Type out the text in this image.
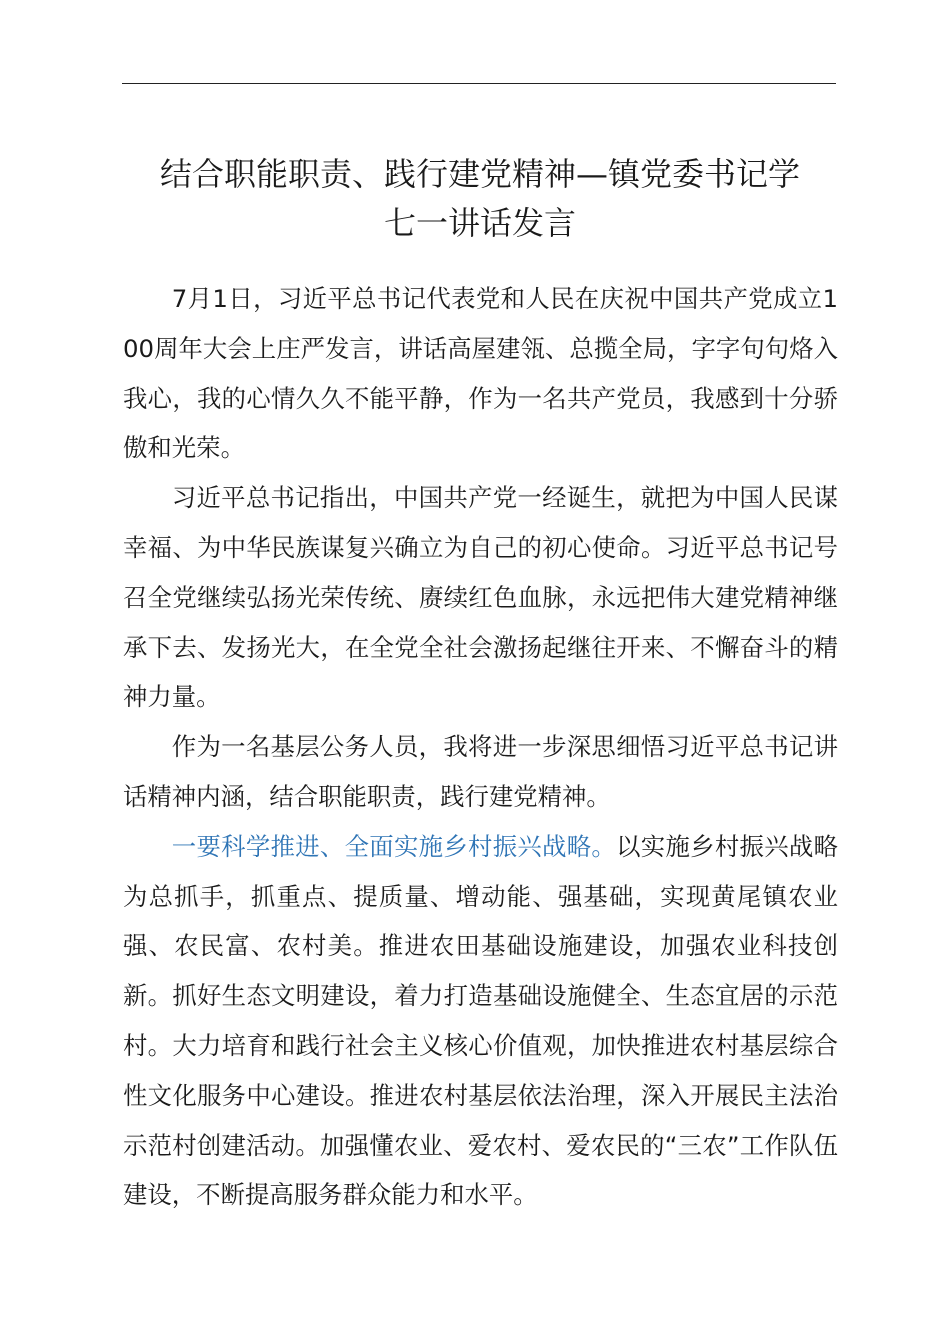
结合职能职责、践行建党精神—镇党委书记学
七一讲话发言

7月1日，习近平总书记代表党和人民在庆祝中国共产党成立100周年大会上庄严发言，讲话高屋建瓴、总揽全局，字字句句烙入我心，我的心情久久不能平静，作为一名共产党员，我感到十分骄傲和光荣。

习近平总书记指出，中国共产党一经诞生，就把为中国人民谋幸福、为中华民族谋复兴确立为自己的初心使命。习近平总书记号召全党继续弘扬光荣传统、赓续红色血脉，永远把伟大建党精神继承下去、发扬光大，在全党全社会激扬起继往开来、不懈奋斗的精神力量。

作为一名基层公务人员，我将进一步深思细悟习近平总书记讲话精神内涵，结合职能职责，践行建党精神。

一要科学推进、全面实施乡村振兴战略。以实施乡村振兴战略为总抓手，抓重点、提质量、增动能、强基础，实现黄尾镇农业强、农民富、农村美。推进农田基础设施建设，加强农业科技创新。抓好生态文明建设，着力打造基础设施健全、生态宜居的示范村。大力培育和践行社会主义核心价值观，加快推进农村基层综合性文化服务中心建设。推进农村基层依法治理，深入开展民主法治示范村创建活动。加强懂农业、爱农村、爱农民的“三农”工作队伍建设，不断提高服务群众能力和水平。
